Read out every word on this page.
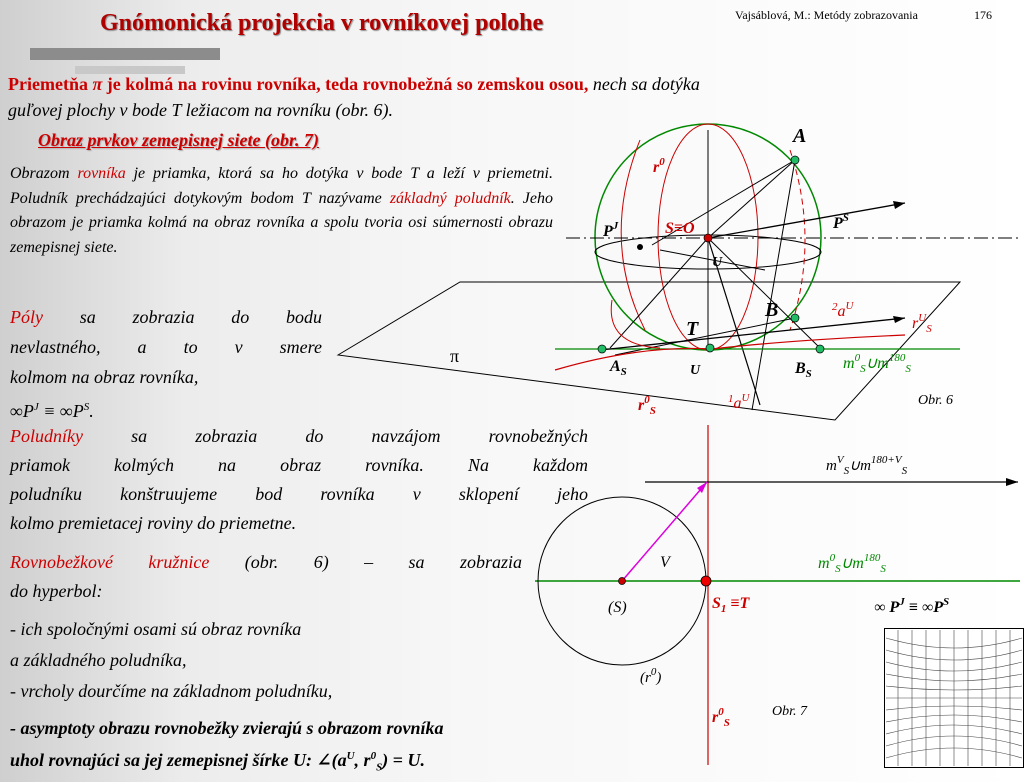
Gnómonická projekcia v rovníkovej polohe	Vajsáblová, M.: Metódy zobrazovania	176
Priemetňa π je kolmá na rovinu rovníka, teda rovnobežná so zemskou osou, nech sa dotýka
guľovej plochy v bode T ležiacom na rovníku (obr. 6).
Obraz prvkov zemepisnej siete (obr. 7)
Obrazom rovníka je priamka, ktorá sa ho dotýka v bode T a leží v priemetni. Poludník prechádzajúci dotykovým bodom T nazývame základný poludník. Jeho obrazom je priamka kolmá na obraz rovníka a spolu tvoria osi súmernosti obrazu zemepisnej siete.
Póly sa zobrazia do bodu
nevlastného, a to v smere
kolmom na obraz rovníka,
$\infty P^J \equiv \infty P^S$.
Poludníky sa zobrazia do navzájom rovnobežných
priamok kolmých na obraz rovníka. Na každom
poludníku konštruujeme bod rovníka v sklopení jeho
kolmo premietacej roviny do priemetne.
Rovnobežkové kružnice (obr. 6) – sa zobrazia
do hyperbol:
- ich spoločnými osami sú obraz rovníka
a základného poludníka,
- vrcholy dourčíme na základnom poludníku,
- asymptoty obrazu rovnobežky zvierajú s obrazom rovníka
uhol rovnajúci sa jej zemepisnej šírke U: $\angle(a^U$, $r^0_S) = U$.
A
$r^0$
$P^J$	S≡O	$P^S$
U
B	$^2a^U$
$r^U_S$
T
π
$A_S$	U	$B_S$
$m^0_S\cup m^{180}_S$
$r^0_S$
$^1a^U$	Obr. 6
$m^V_S\cup m^{180+V}_S$
V	$m^0_S\cup m^{180}_S$
(S)	$S_1 \equiv T$	∞ $P^J \equiv \infty P^S$
$(r^0)$
$r^0_S$
Obr. 7
